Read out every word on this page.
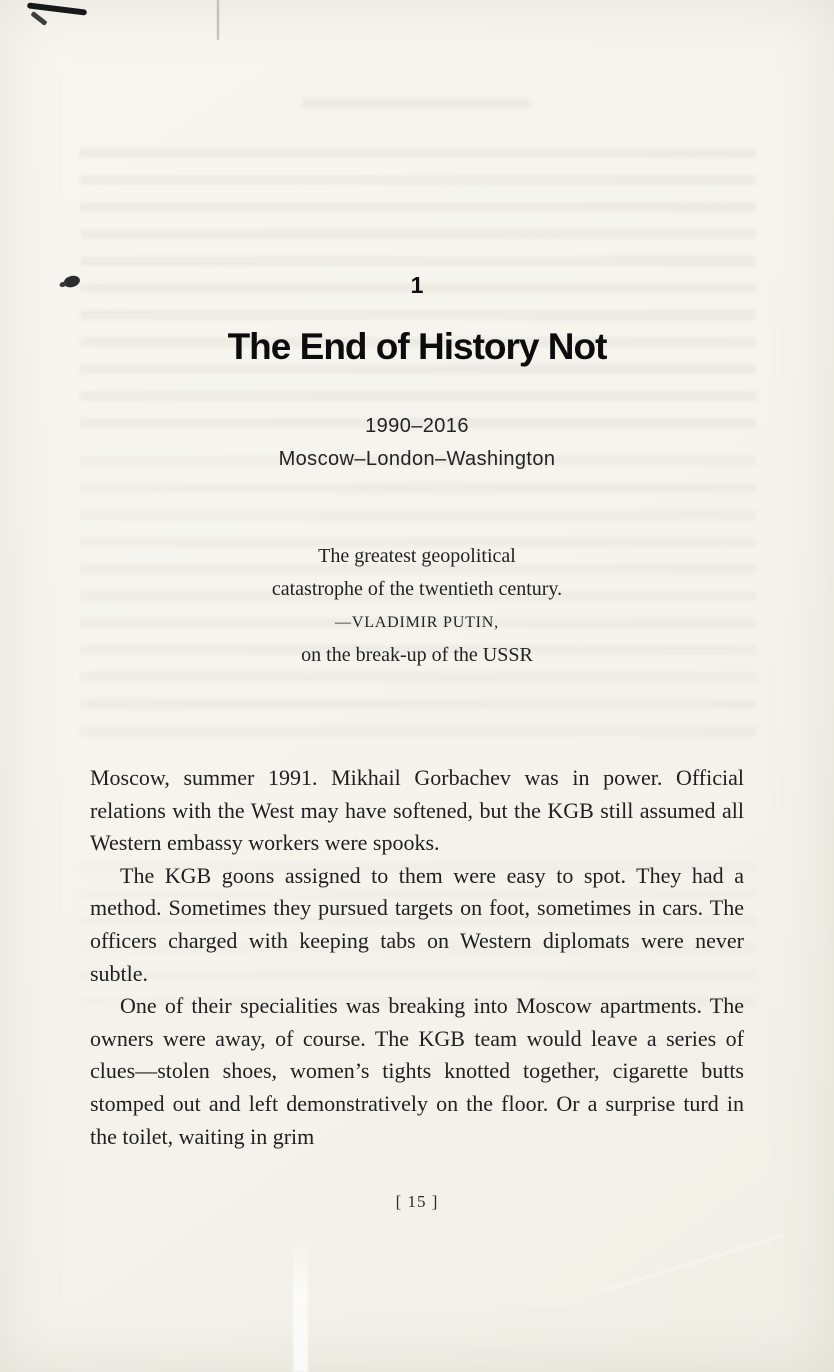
1
The End of History Not
1990–2016
Moscow–London–Washington
The greatest geopolitical
catastrophe of the twentieth century.
—VLADIMIR PUTIN,
on the break-up of the USSR

Moscow, summer 1991. Mikhail Gorbachev was in power. Official relations with the West may have softened, but the KGB still assumed all Western embassy workers were spooks.

The KGB goons assigned to them were easy to spot. They had a method. Sometimes they pursued targets on foot, sometimes in cars. The officers charged with keeping tabs on Western diplomats were never subtle.

One of their specialities was breaking into Moscow apartments. The owners were away, of course. The KGB team would leave a series of clues—stolen shoes, women’s tights knotted together, cigarette butts stomped out and left demonstratively on the floor. Or a surprise turd in the toilet, waiting in grim

[ 15 ]
